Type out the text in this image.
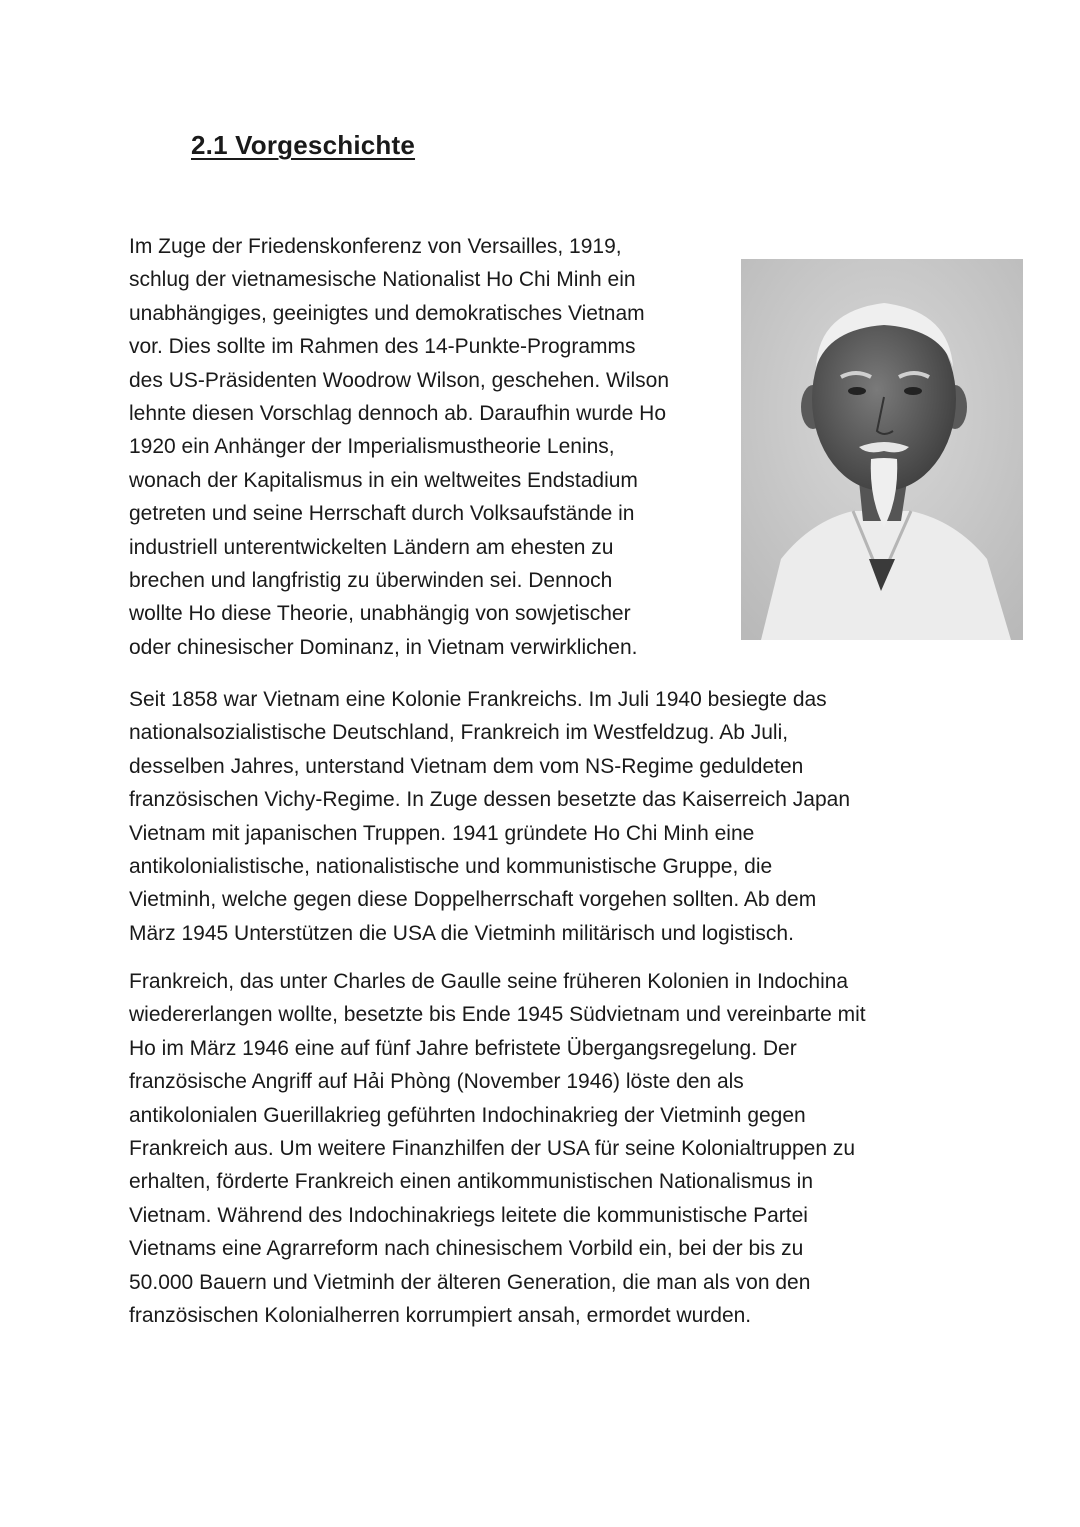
2.1 Vorgeschichte
Im Zuge der Friedenskonferenz von Versailles, 1919,
schlug der vietnamesische Nationalist Ho Chi Minh ein
unabhängiges, geeinigtes und demokratisches Vietnam
vor. Dies sollte im Rahmen des 14-Punkte-Programms
des US-Präsidenten Woodrow Wilson, geschehen. Wilson
lehnte diesen Vorschlag dennoch ab. Daraufhin wurde Ho
1920 ein Anhänger der Imperialismustheorie Lenins,
wonach der Kapitalismus in ein weltweites Endstadium
getreten und seine Herrschaft durch Volksaufstände in
industriell unterentwickelten Ländern am ehesten zu
brechen und langfristig zu überwinden sei. Dennoch
wollte Ho diese Theorie, unabhängig von sowjetischer
oder chinesischer Dominanz, in Vietnam verwirklichen.
Seit 1858 war Vietnam eine Kolonie Frankreichs. Im Juli 1940 besiegte das
nationalsozialistische Deutschland, Frankreich im Westfeldzug. Ab Juli,
desselben Jahres, unterstand Vietnam dem vom NS-Regime geduldeten
französischen Vichy-Regime. In Zuge dessen besetzte das Kaiserreich Japan
Vietnam mit japanischen Truppen. 1941 gründete Ho Chi Minh eine
antikolonialistische, nationalistische und kommunistische Gruppe, die
Vietminh, welche gegen diese Doppelherrschaft vorgehen sollten. Ab dem
März 1945 Unterstützen die USA die Vietminh militärisch und logistisch.
Frankreich, das unter Charles de Gaulle seine früheren Kolonien in Indochina
wiedererlangen wollte, besetzte bis Ende 1945 Südvietnam und vereinbarte mit
Ho im März 1946 eine auf fünf Jahre befristete Übergangsregelung. Der
französische Angriff auf Hải Phòng (November 1946) löste den als
antikolonialen Guerillakrieg geführten Indochinakrieg der Vietminh gegen
Frankreich aus. Um weitere Finanzhilfen der USA für seine Kolonialtruppen zu
erhalten, förderte Frankreich einen antikommunistischen Nationalismus in
Vietnam. Während des Indochinakriegs leitete die kommunistische Partei
Vietnams eine Agrarreform nach chinesischem Vorbild ein, bei der bis zu
50.000 Bauern und Vietminh der älteren Generation, die man als von den
französischen Kolonialherren korrumpiert ansah, ermordet wurden.
